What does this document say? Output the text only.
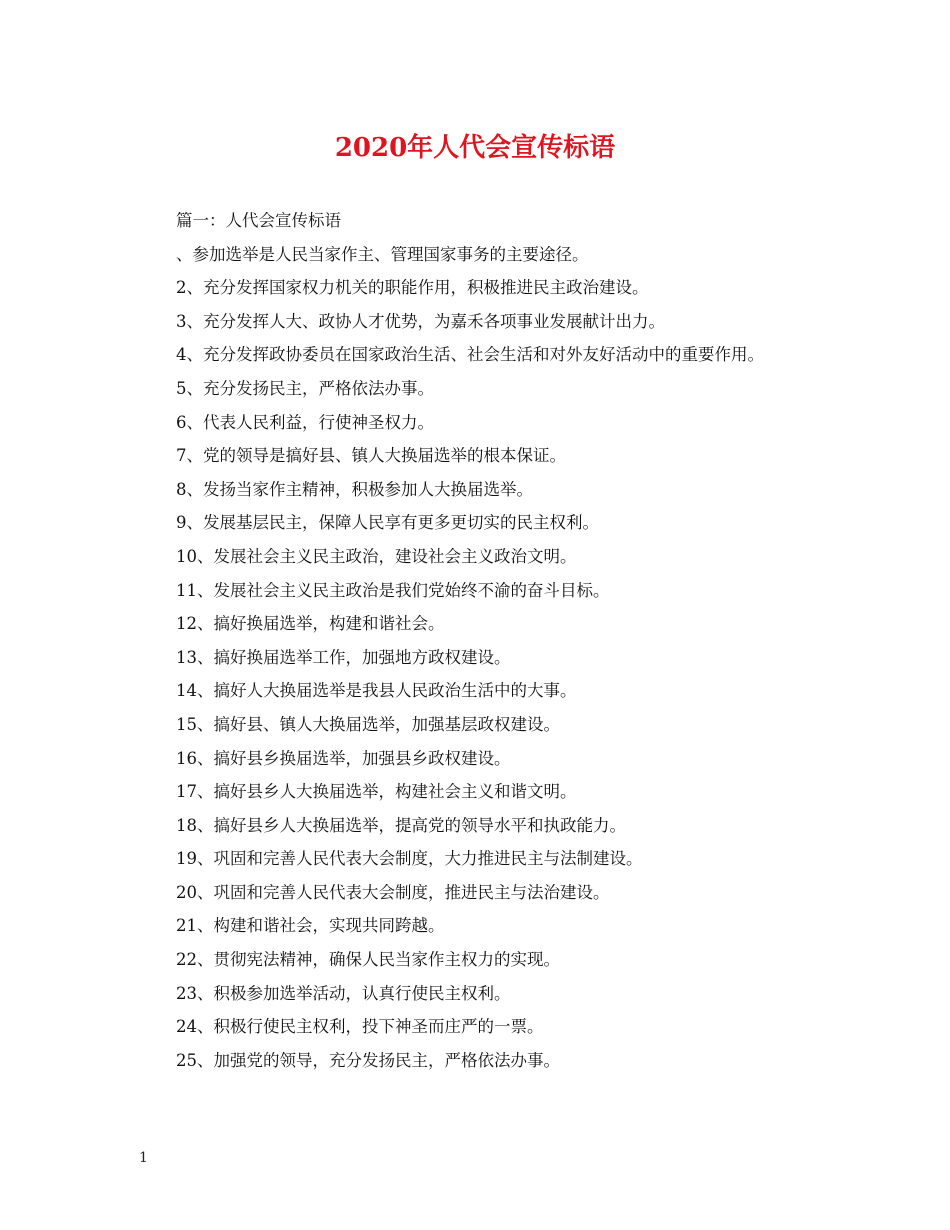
2020年人代会宣传标语

篇一：人代会宣传标语

、参加选举是人民当家作主、管理国家事务的主要途径。

2、充分发挥国家权力机关的职能作用，积极推进民主政治建设。

3、充分发挥人大、政协人才优势，为嘉禾各项事业发展献计出力。

4、充分发挥政协委员在国家政治生活、社会生活和对外友好活动中的重要作用。

5、充分发扬民主，严格依法办事。

6、代表人民利益，行使神圣权力。

7、党的领导是搞好县、镇人大换届选举的根本保证。

8、发扬当家作主精神，积极参加人大换届选举。

9、发展基层民主，保障人民享有更多更切实的民主权利。

10、发展社会主义民主政治，建设社会主义政治文明。

11、发展社会主义民主政治是我们党始终不渝的奋斗目标。

12、搞好换届选举，构建和谐社会。

13、搞好换届选举工作，加强地方政权建设。

14、搞好人大换届选举是我县人民政治生活中的大事。

15、搞好县、镇人大换届选举，加强基层政权建设。

16、搞好县乡换届选举，加强县乡政权建设。

17、搞好县乡人大换届选举，构建社会主义和谐文明。

18、搞好县乡人大换届选举，提高党的领导水平和执政能力。

19、巩固和完善人民代表大会制度，大力推进民主与法制建设。

20、巩固和完善人民代表大会制度，推进民主与法治建设。

21、构建和谐社会，实现共同跨越。

22、贯彻宪法精神，确保人民当家作主权力的实现。

23、积极参加选举活动，认真行使民主权利。

24、积极行使民主权利，投下神圣而庄严的一票。

25、加强党的领导，充分发扬民主，严格依法办事。

1
